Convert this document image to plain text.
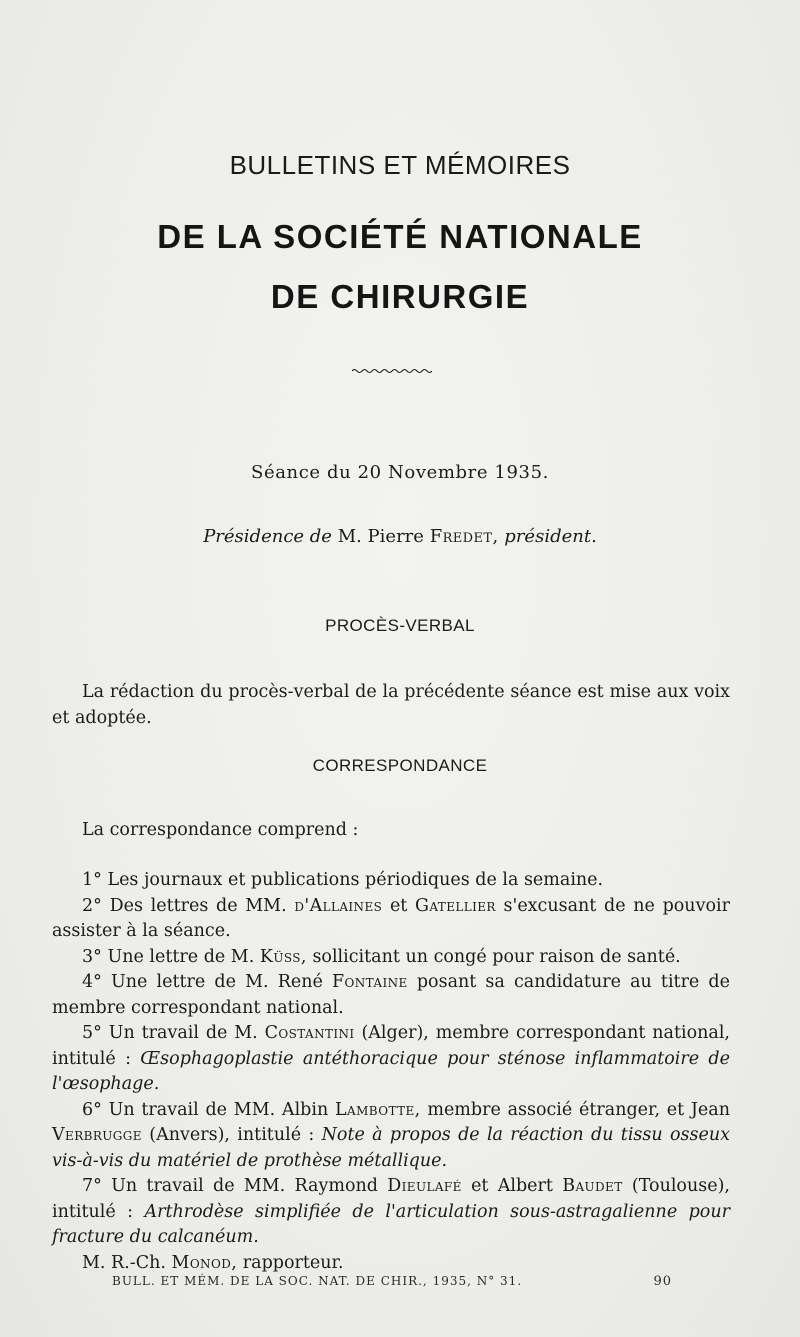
BULLETINS ET MÉMOIRES
DE LA SOCIÉTÉ NATIONALE
DE CHIRURGIE
Séance du 20 Novembre 1935.
Présidence de M. Pierre Fredet, président.
PROCÈS-VERBAL
La rédaction du procès-verbal de la précédente séance est mise aux voix et adoptée.
CORRESPONDANCE
La correspondance comprend :
1° Les journaux et publications périodiques de la semaine.
2° Des lettres de MM. d'Allaines et Gatellier s'excusant de ne pouvoir assister à la séance.
3° Une lettre de M. Küss, sollicitant un congé pour raison de santé.
4° Une lettre de M. René Fontaine posant sa candidature au titre de membre correspondant national.
5° Un travail de M. Costantini (Alger), membre correspondant national, intitulé : Œsophagoplastie antéthoracique pour sténose inflammatoire de l'œsophage.
6° Un travail de MM. Albin Lambotte, membre associé étranger, et Jean Verbrugge (Anvers), intitulé : Note à propos de la réaction du tissu osseux vis-à-vis du matériel de prothèse métallique.
7° Un travail de MM. Raymond Dieulafé et Albert Baudet (Toulouse), intitulé : Arthrodèse simplifiée de l'articulation sous-astragalienne pour fracture du calcanéum.
M. R.-Ch. Monod, rapporteur.
BULL. ET MÉM. DE LA SOC. NAT. DE CHIR., 1935, N° 31.	90
